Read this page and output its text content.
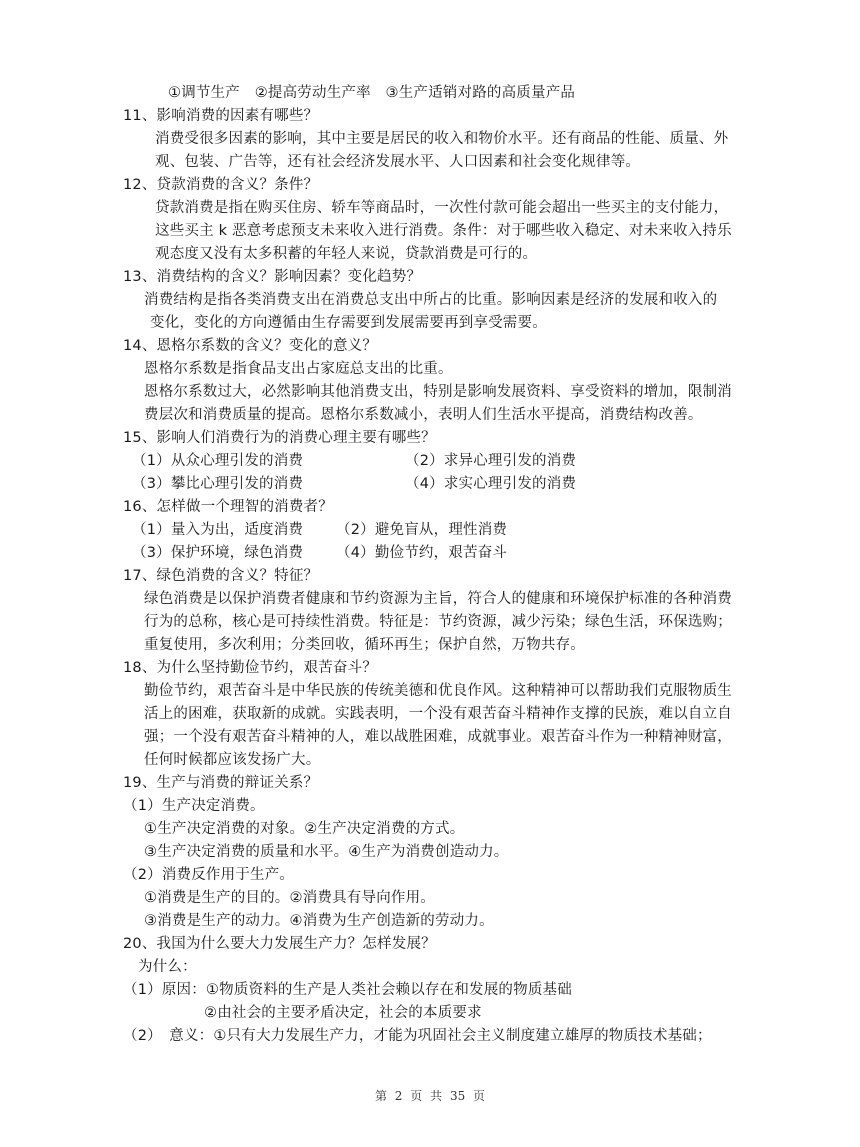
①调节生产　②提高劳动生产率　③生产适销对路的高质量产品
11、影响消费的因素有哪些？
消费受很多因素的影响，其中主要是居民的收入和物价水平。还有商品的性能、质量、外
观、包装、广告等，还有社会经济发展水平、人口因素和社会变化规律等。
12、贷款消费的含义？条件？
贷款消费是指在购买住房、轿车等商品时，一次性付款可能会超出一些买主的支付能力，
这些买主 k 恶意考虑预支未来收入进行消费。条件：对于哪些收入稳定、对未来收入持乐
观态度又没有太多积蓄的年轻人来说，贷款消费是可行的。
13、消费结构的含义？影响因素？变化趋势？
消费结构是指各类消费支出在消费总支出中所占的比重。影响因素是经济的发展和收入的
变化，变化的方向遵循由生存需要到发展需要再到享受需要。
14、恩格尔系数的含义？变化的意义？
恩格尔系数是指食品支出占家庭总支出的比重。
恩格尔系数过大，必然影响其他消费支出，特别是影响发展资料、享受资料的增加，限制消
费层次和消费质量的提高。恩格尔系数减小，表明人们生活水平提高，消费结构改善。
15、影响人们消费行为的消费心理主要有哪些？
（1）从众心理引发的消费	（2）求异心理引发的消费
（3）攀比心理引发的消费	（4）求实心理引发的消费
16、怎样做一个理智的消费者？
（1）量入为出，适度消费 （2）避免盲从，理性消费
（3）保护环境，绿色消费 （4）勤俭节约，艰苦奋斗
17、绿色消费的含义？特征？
绿色消费是以保护消费者健康和节约资源为主旨，符合人的健康和环境保护标准的各种消费
行为的总称，核心是可持续性消费。特征是：节约资源，减少污染；绿色生活，环保选购；
重复使用，多次利用；分类回收，循环再生；保护自然，万物共存。
18、为什么坚持勤俭节约，艰苦奋斗？
勤俭节约，艰苦奋斗是中华民族的传统美德和优良作风。这种精神可以帮助我们克服物质生
活上的困难，获取新的成就。实践表明，一个没有艰苦奋斗精神作支撑的民族，难以自立自
强；一个没有艰苦奋斗精神的人，难以战胜困难，成就事业。艰苦奋斗作为一种精神财富，
任何时候都应该发扬广大。
19、生产与消费的辩证关系？
（1）生产决定消费。
①生产决定消费的对象。②生产决定消费的方式。
③生产决定消费的质量和水平。④生产为消费创造动力。
（2）消费反作用于生产。
①消费是生产的目的。②消费具有导向作用。
③消费是生产的动力。④消费为生产创造新的劳动力。
20、我国为什么要大力发展生产力？怎样发展？
为什么：
（1）原因：①物质资料的生产是人类社会赖以存在和发展的物质基础
②由社会的主要矛盾决定，社会的本质要求
（2）　意义：①只有大力发展生产力，才能为巩固社会主义制度建立雄厚的物质技术基础；
第 2 页 共 35 页
